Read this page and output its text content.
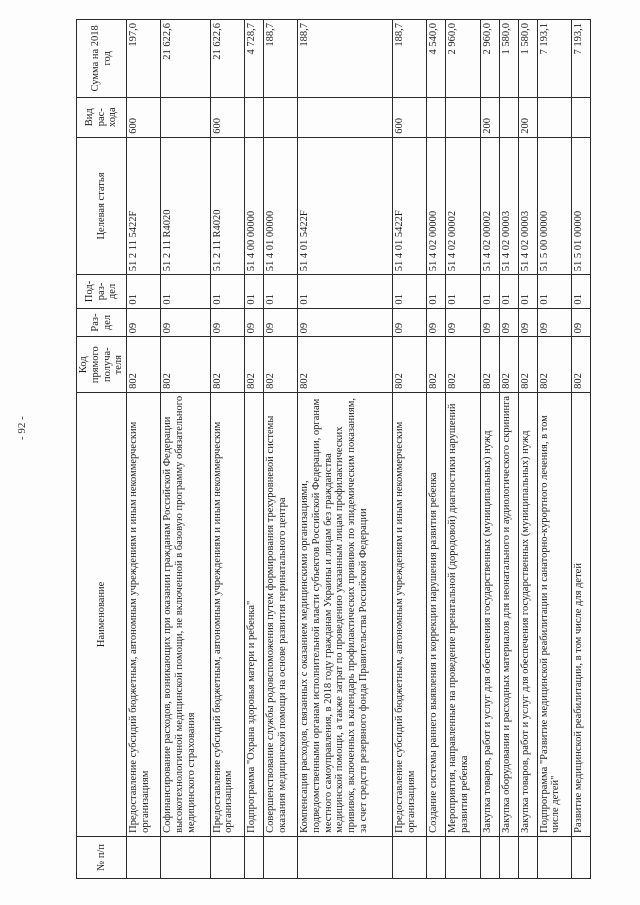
- 92 -
№ п/п	Наименование	Код прямого получа-теля	Раз-дел	Под-раз-дел	Целевая статья	Вид рас-хода	Сумма на 2018 год
	Предоставление субсидий бюджетным, автономным учреждениям и иным некоммерческим организациям	802	09	01	51 2 11 5422F	600	197,0
	Софинансирование расходов, возникающих при оказании гражданам Российской Федерации высокотехнологичной медицинской помощи, не включенной в базовую программу обязательного медицинского страхования	802	09	01	51 2 11 R4020		21 622,6
	Предоставление субсидий бюджетным, автономным учреждениям и иным некоммерческим организациям	802	09	01	51 2 11 R4020	600	21 622,6
	Подпрограмма "Охрана здоровья матери и ребенка"	802	09	01	51 4 00 00000		4 728,7
	Совершенствование службы родовспоможения путем формирования трехуровневой системы оказания медицинской помощи на основе развития перинатального центра	802	09	01	51 4 01 00000		188,7
	Компенсация расходов, связанных с оказанием медицинскими организациями, подведомственными органам исполнительной власти субъектов Российской Федерации, органам местного самоуправления, в 2018 году гражданам Украины и лицам без гражданства медицинской помощи, а также затрат по проведению указанным лицам профилактических прививок, включенных в календарь профилактических прививок по эпидемическим показаниям, за счет средств резервного фонда Правительства Российской Федерации	802	09	01	51 4 01 5422F		188,7
	Предоставление субсидий бюджетным, автономным учреждениям и иным некоммерческим организациям	802	09	01	51 4 01 5422F	600	188,7
	Создание системы раннего выявления и коррекции нарушения развития ребенка	802	09	01	51 4 02 00000		4 540,0
	Мероприятия, направленные на проведение пренатальной (дородовой) диагностики нарушений развития ребенка	802	09	01	51 4 02 00002		2 960,0
	Закупка товаров, работ и услуг для обеспечения государственных (муниципальных) нужд	802	09	01	51 4 02 00002	200	2 960,0
	Закупка оборудования и расходных материалов для неонатального и аудиологического скрининга	802	09	01	51 4 02 00003		1 580,0
	Закупка товаров, работ и услуг для обеспечения государственных (муниципальных) нужд	802	09	01	51 4 02 00003	200	1 580,0
	Подпрограмма "Развитие медицинской реабилитации и санаторно-курортного лечения, в том числе детей"	802	09	01	51 5 00 00000		7 193,1
	Развитие медицинской реабилитации, в том числе для детей	802	09	01	51 5 01 00000		7 193,1
